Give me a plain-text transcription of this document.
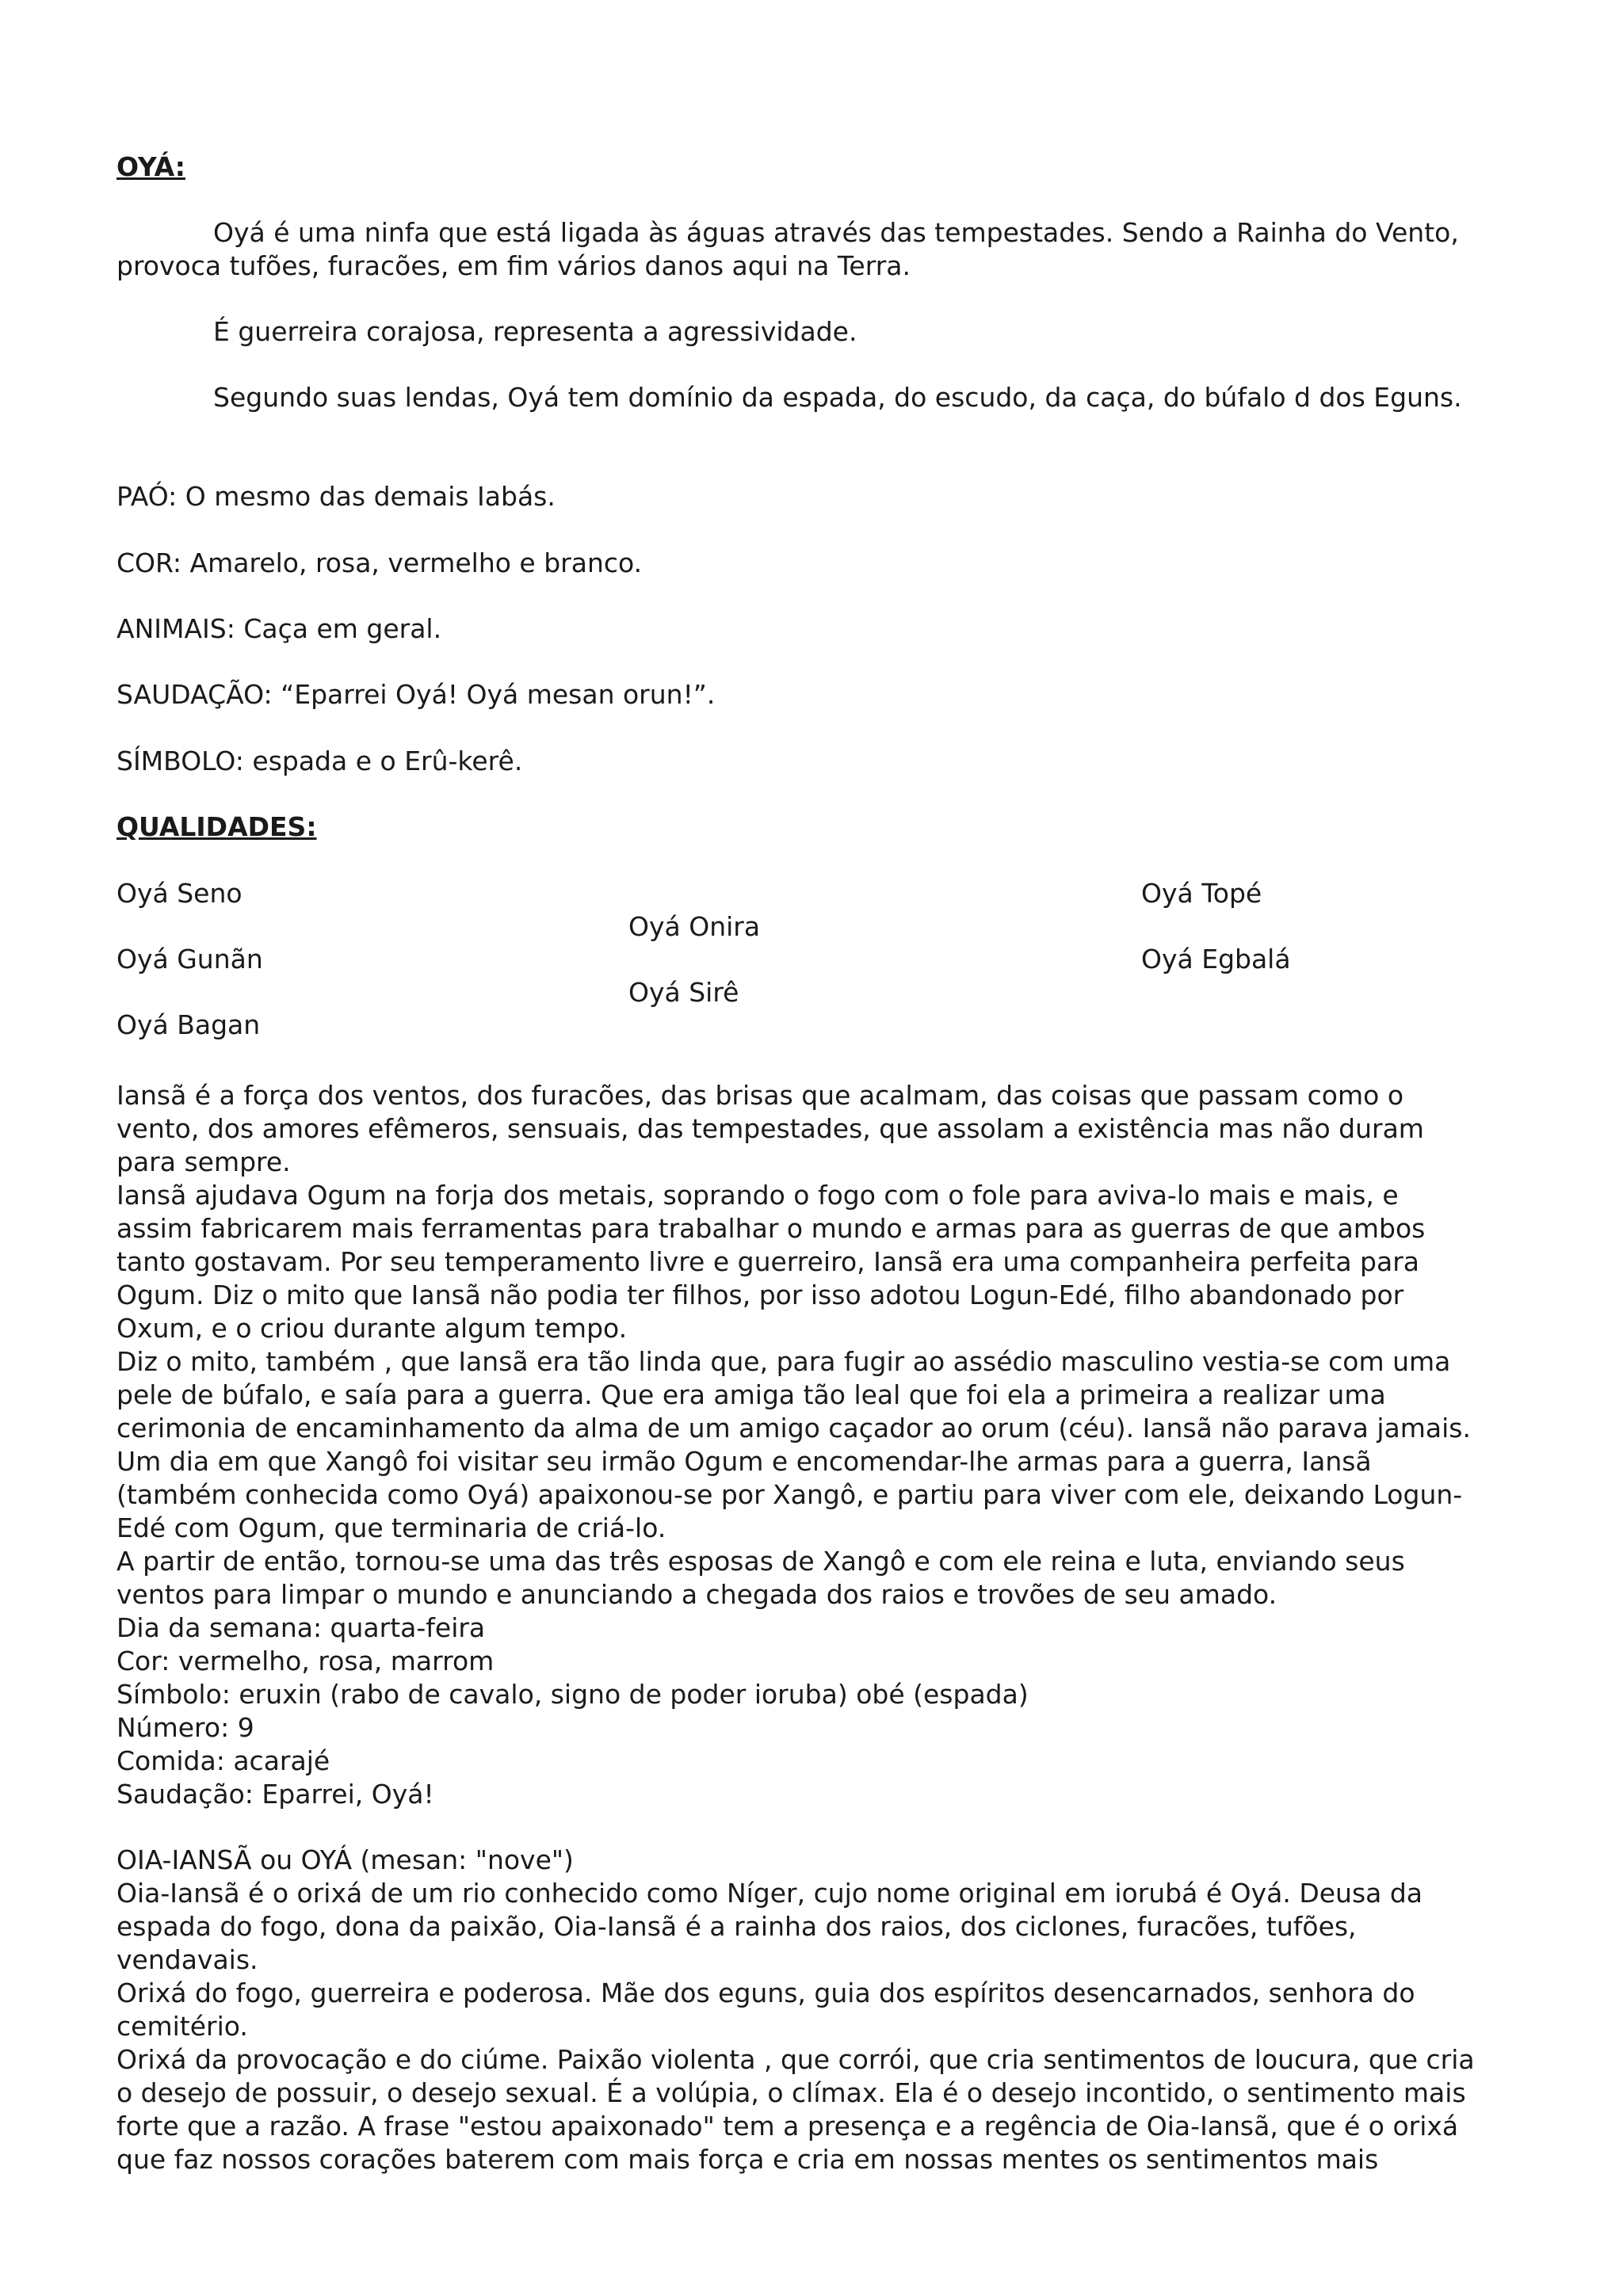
OYÁ:
Oyá é uma ninfa que está ligada às águas através das tempestades. Sendo a Rainha do Vento,
provoca tufões, furacões, em fim vários danos aqui na Terra.
É guerreira corajosa, representa a agressividade.
Segundo suas lendas, Oyá tem domínio da espada, do escudo, da caça, do búfalo d dos Eguns.
PAÓ: O mesmo das demais Iabás.
COR: Amarelo, rosa, vermelho e branco.
ANIMAIS: Caça em geral.
SAUDAÇÃO: “Eparrei Oyá! Oyá mesan orun!”.
SÍMBOLO: espada e o Erû-kerê.
QUALIDADES:
Oyá Seno
Oyá Onira
Oyá Topé
Oyá Gunãn	Oyá Egbalá
Oyá Sirê
Oyá Bagan
Iansã é a força dos ventos, dos furacões, das brisas que acalmam, das coisas que passam como o
vento, dos amores efêmeros, sensuais, das tempestades, que assolam a existência mas não duram
para sempre.
Iansã ajudava Ogum na forja dos metais, soprando o fogo com o fole para aviva-lo mais e mais, e
assim fabricarem mais ferramentas para trabalhar o mundo e armas para as guerras de que ambos
tanto gostavam. Por seu temperamento livre e guerreiro, Iansã era uma companheira perfeita para
Ogum. Diz o mito que Iansã não podia ter filhos, por isso adotou Logun-Edé, filho abandonado por
Oxum, e o criou durante algum tempo.
Diz o mito, também , que Iansã era tão linda que, para fugir ao assédio masculino vestia-se com uma
pele de búfalo, e saía para a guerra. Que era amiga tão leal que foi ela a primeira a realizar uma
cerimonia de encaminhamento da alma de um amigo caçador ao orum (céu). Iansã não parava jamais.
Um dia em que Xangô foi visitar seu irmão Ogum e encomendar-lhe armas para a guerra, Iansã
(também conhecida como Oyá) apaixonou-se por Xangô, e partiu para viver com ele, deixando Logun-
Edé com Ogum, que terminaria de criá-lo.
A partir de então, tornou-se uma das três esposas de Xangô e com ele reina e luta, enviando seus
ventos para limpar o mundo e anunciando a chegada dos raios e trovões de seu amado.
Dia da semana: quarta-feira
Cor: vermelho, rosa, marrom
Símbolo: eruxin (rabo de cavalo, signo de poder ioruba) obé (espada)
Número: 9
Comida: acarajé
Saudação: Eparrei, Oyá!
OIA-IANSÃ ou OYÁ (mesan: "nove")
Oia-Iansã é o orixá de um rio conhecido como Níger, cujo nome original em iorubá é Oyá. Deusa da
espada do fogo, dona da paixão, Oia-Iansã é a rainha dos raios, dos ciclones, furacões, tufões,
vendavais.
Orixá do fogo, guerreira e poderosa. Mãe dos eguns, guia dos espíritos desencarnados, senhora do
cemitério.
Orixá da provocação e do ciúme. Paixão violenta , que corrói, que cria sentimentos de loucura, que cria
o desejo de possuir, o desejo sexual. É a volúpia, o clímax. Ela é o desejo incontido, o sentimento mais
forte que a razão. A frase "estou apaixonado" tem a presença e a regência de Oia-Iansã, que é o orixá
que faz nossos corações baterem com mais força e cria em nossas mentes os sentimentos mais
